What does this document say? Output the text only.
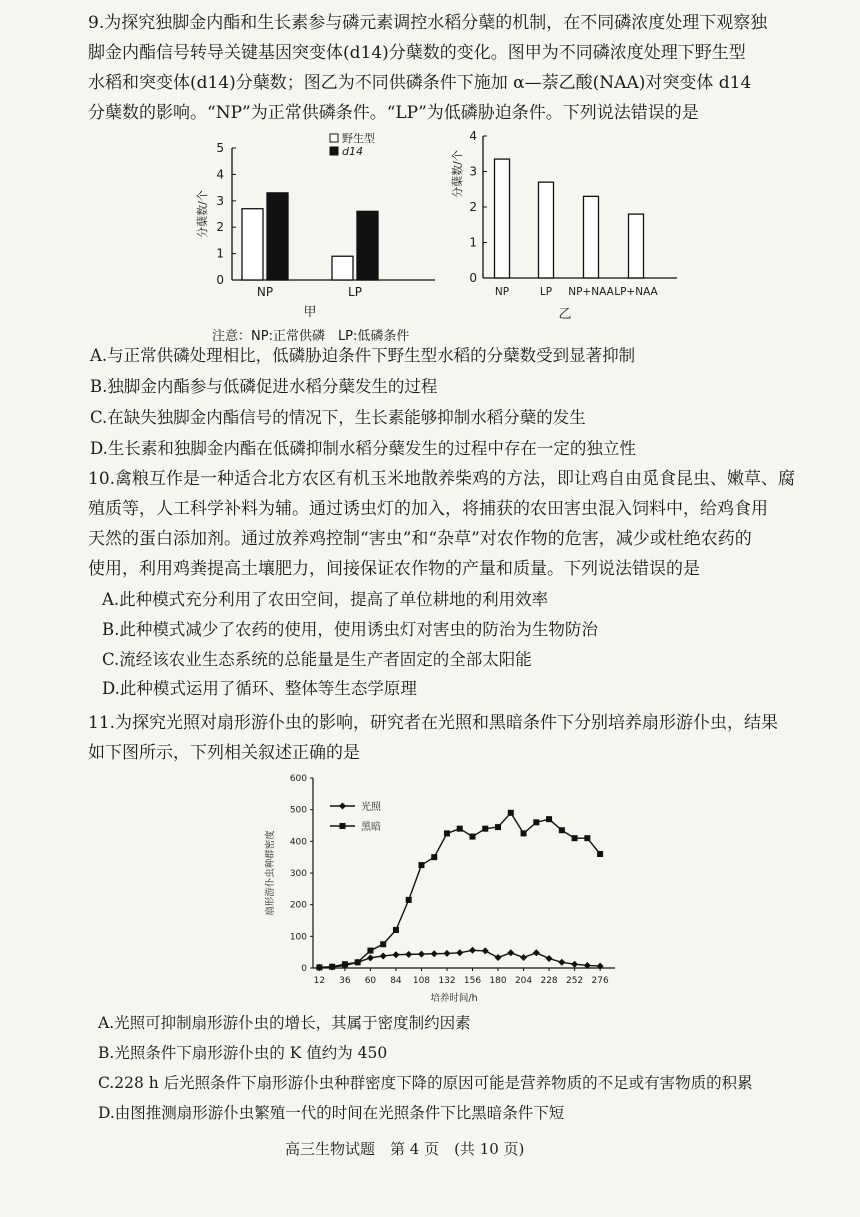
9.为探究独脚金内酯和生长素参与磷元素调控水稻分蘖的机制，在不同磷浓度处理下观察独
脚金内酯信号转导关键基因突变体(d14)分蘖数的变化。图甲为不同磷浓度处理下野生型
水稻和突变体(d14)分蘖数；图乙为不同供磷条件下施加 α—萘乙酸(NAA)对突变体 d14
分蘖数的影响。“NP”为正常供磷条件。“LP”为低磷胁迫条件。下列说法错误的是
0
1
2
3
4
5
分蘖数/个
NP	LP
甲
野生型
d14
0
1
2
3
4
分蘖数/个
NP	LP NP+NAA LP+NAA
乙
注意：NP:正常供磷　LP:低磷条件
A.与正常供磷处理相比，低磷胁迫条件下野生型水稻的分蘖数受到显著抑制
B.独脚金内酯参与低磷促进水稻分蘖发生的过程
C.在缺失独脚金内酯信号的情况下，生长素能够抑制水稻分蘖的发生
D.生长素和独脚金内酯在低磷抑制水稻分蘖发生的过程中存在一定的独立性
10.禽粮互作是一种适合北方农区有机玉米地散养柴鸡的方法，即让鸡自由觅食昆虫、嫩草、腐
殖质等，人工科学补料为辅。通过诱虫灯的加入，将捕获的农田害虫混入饲料中，给鸡食用
天然的蛋白添加剂。通过放养鸡控制“害虫”和“杂草”对农作物的危害，减少或杜绝农药的
使用，利用鸡粪提高土壤肥力，间接保证农作物的产量和质量。下列说法错误的是
A.此种模式充分利用了农田空间，提高了单位耕地的利用效率
B.此种模式减少了农药的使用，使用诱虫灯对害虫的防治为生物防治
C.流经该农业生态系统的总能量是生产者固定的全部太阳能
D.此种模式运用了循环、整体等生态学原理
11.为探究光照对扇形游仆虫的影响，研究者在光照和黑暗条件下分别培养扇形游仆虫，结果
如下图所示，下列相关叙述正确的是
0
100
200
300
400
500
600
12 36 60 84 108 132 156 180 204 228 252 276
培养时间/h
扇形游仆虫种群密度
光照
黑暗
A.光照可抑制扇形游仆虫的增长，其属于密度制约因素
B.光照条件下扇形游仆虫的 K 值约为 450
C.228 h 后光照条件下扇形游仆虫种群密度下降的原因可能是营养物质的不足或有害物质的积累
D.由图推测扇形游仆虫繁殖一代的时间在光照条件下比黑暗条件下短
高三生物试题　第 4 页　(共 10 页)
